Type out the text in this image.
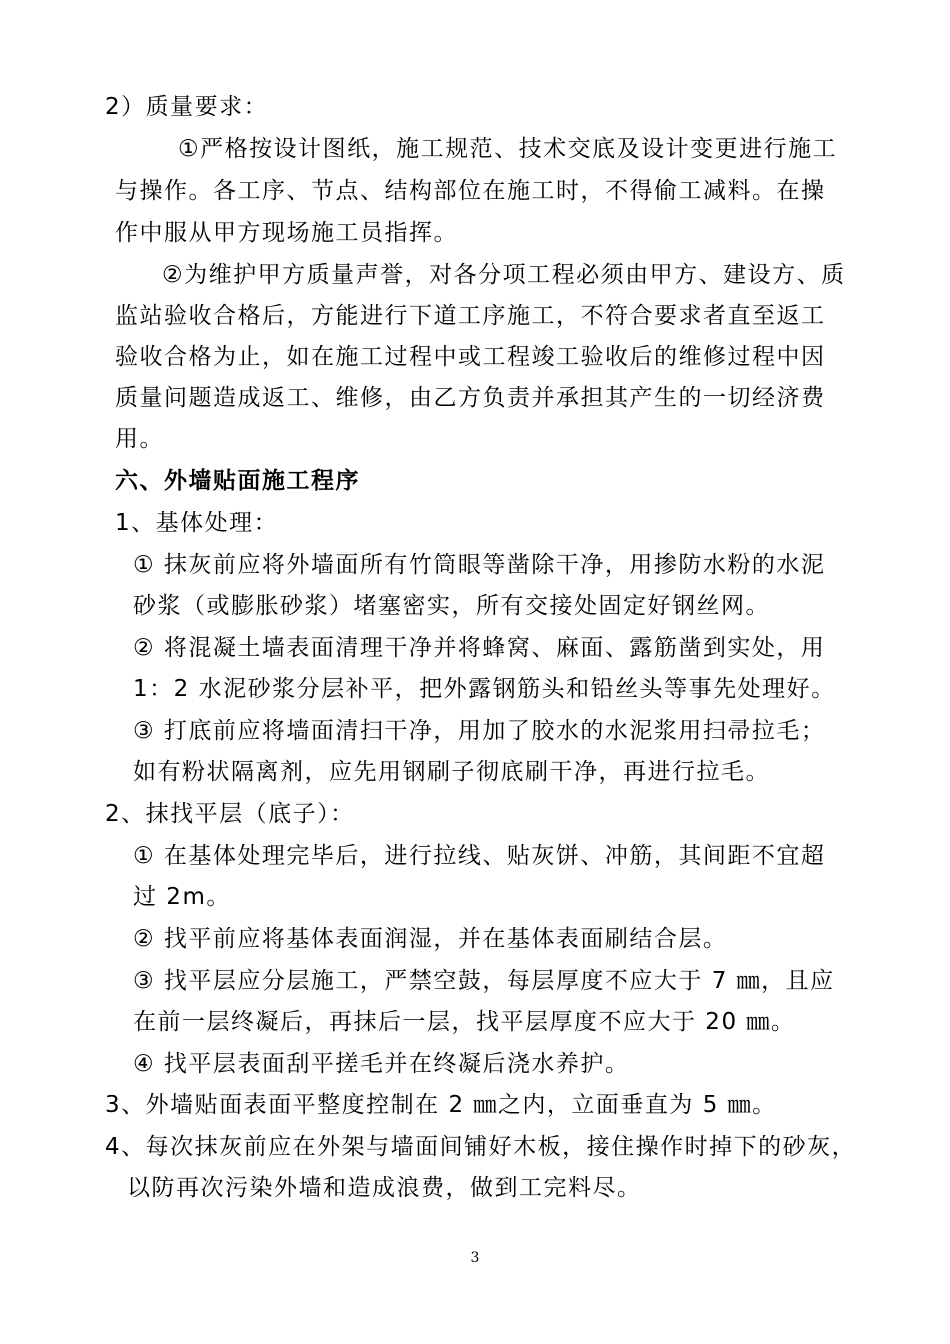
2）质量要求：
①严格按设计图纸，施工规范、技术交底及设计变更进行施工
与操作。各工序、节点、结构部位在施工时，不得偷工减料。在操
作中服从甲方现场施工员指挥。
②为维护甲方质量声誉，对各分项工程必须由甲方、建设方、质
监站验收合格后，方能进行下道工序施工，不符合要求者直至返工
验收合格为止，如在施工过程中或工程竣工验收后的维修过程中因
质量问题造成返工、维修，由乙方负责并承担其产生的一切经济费
用。
六、外墙贴面施工程序
1、基体处理：
① 抹灰前应将外墙面所有竹筒眼等凿除干净，用掺防水粉的水泥
砂浆（或膨胀砂浆）堵塞密实，所有交接处固定好钢丝网。
② 将混凝土墙表面清理干净并将蜂窝、麻面、露筋凿到实处，用
1：2 水泥砂浆分层补平，把外露钢筋头和铅丝头等事先处理好。
③ 打底前应将墙面清扫干净，用加了胶水的水泥浆用扫帚拉毛；
如有粉状隔离剂，应先用钢刷子彻底刷干净，再进行拉毛。
2、抹找平层（底子）：
① 在基体处理完毕后，进行拉线、贴灰饼、冲筋，其间距不宜超
过 2m。
② 找平前应将基体表面润湿，并在基体表面刷结合层。
③ 找平层应分层施工，严禁空鼓，每层厚度不应大于 7 ㎜，且应
在前一层终凝后，再抹后一层，找平层厚度不应大于 20 ㎜。
④ 找平层表面刮平搓毛并在终凝后浇水养护。
3、外墙贴面表面平整度控制在 2 ㎜之内，立面垂直为 5 ㎜。
4、每次抹灰前应在外架与墙面间铺好木板，接住操作时掉下的砂灰，
以防再次污染外墙和造成浪费，做到工完料尽。
3
